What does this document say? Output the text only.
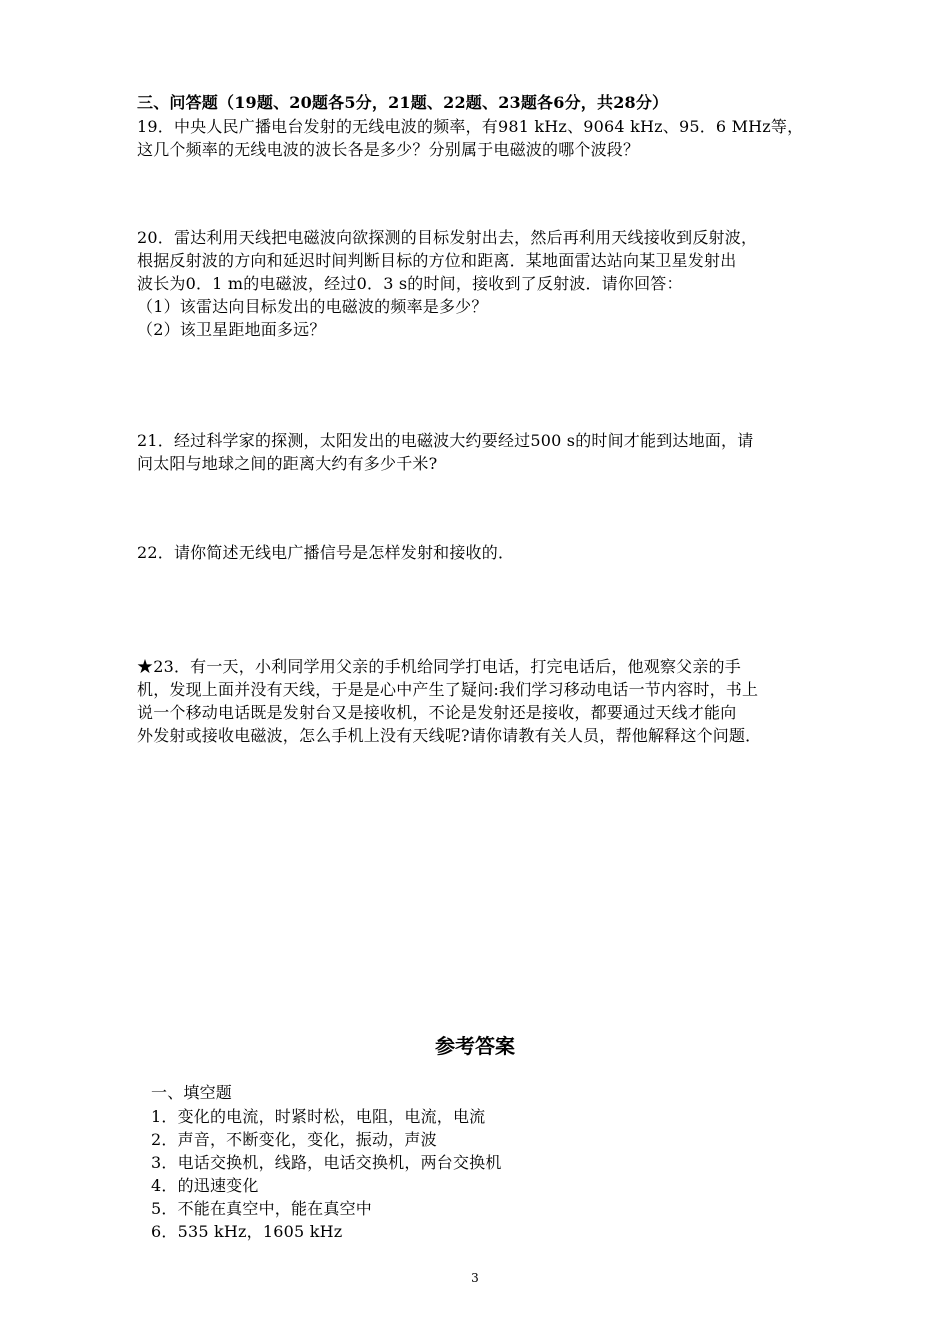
三、问答题（19题、20题各5分，21题、22题、23题各6分，共28分）
19．中央人民广播电台发射的无线电波的频率，有981 kHz、9064 kHz、95．6 MHz等，
这几个频率的无线电波的波长各是多少？分别属于电磁波的哪个波段？
20．雷达利用天线把电磁波向欲探测的目标发射出去，然后再利用天线接收到反射波，
根据反射波的方向和延迟时间判断目标的方位和距离．某地面雷达站向某卫星发射出
波长为0．1 m的电磁波，经过0．3 s的时间，接收到了反射波．请你回答：
（1）该雷达向目标发出的电磁波的频率是多少？
（2）该卫星距地面多远？
21．经过科学家的探测，太阳发出的电磁波大约要经过500 s的时间才能到达地面，请
问太阳与地球之间的距离大约有多少千米?
22．请你简述无线电广播信号是怎样发射和接收的．
★23．有一天，小利同学用父亲的手机给同学打电话，打完电话后，他观察父亲的手
机，发现上面并没有天线，于是是心中产生了疑问:我们学习移动电话一节内容时，书上
说一个移动电话既是发射台又是接收机，不论是发射还是接收，都要通过天线才能向
外发射或接收电磁波，怎么手机上没有天线呢?请你请教有关人员，帮他解释这个问题．
参考答案
一、填空题
1．变化的电流，时紧时松，电阻，电流，电流
2．声音，不断变化，变化，振动，声波
3．电话交换机，线路，电话交换机，两台交换机
4．的迅速变化
5．不能在真空中，能在真空中
6．535 kHz，1605 kHz
3
